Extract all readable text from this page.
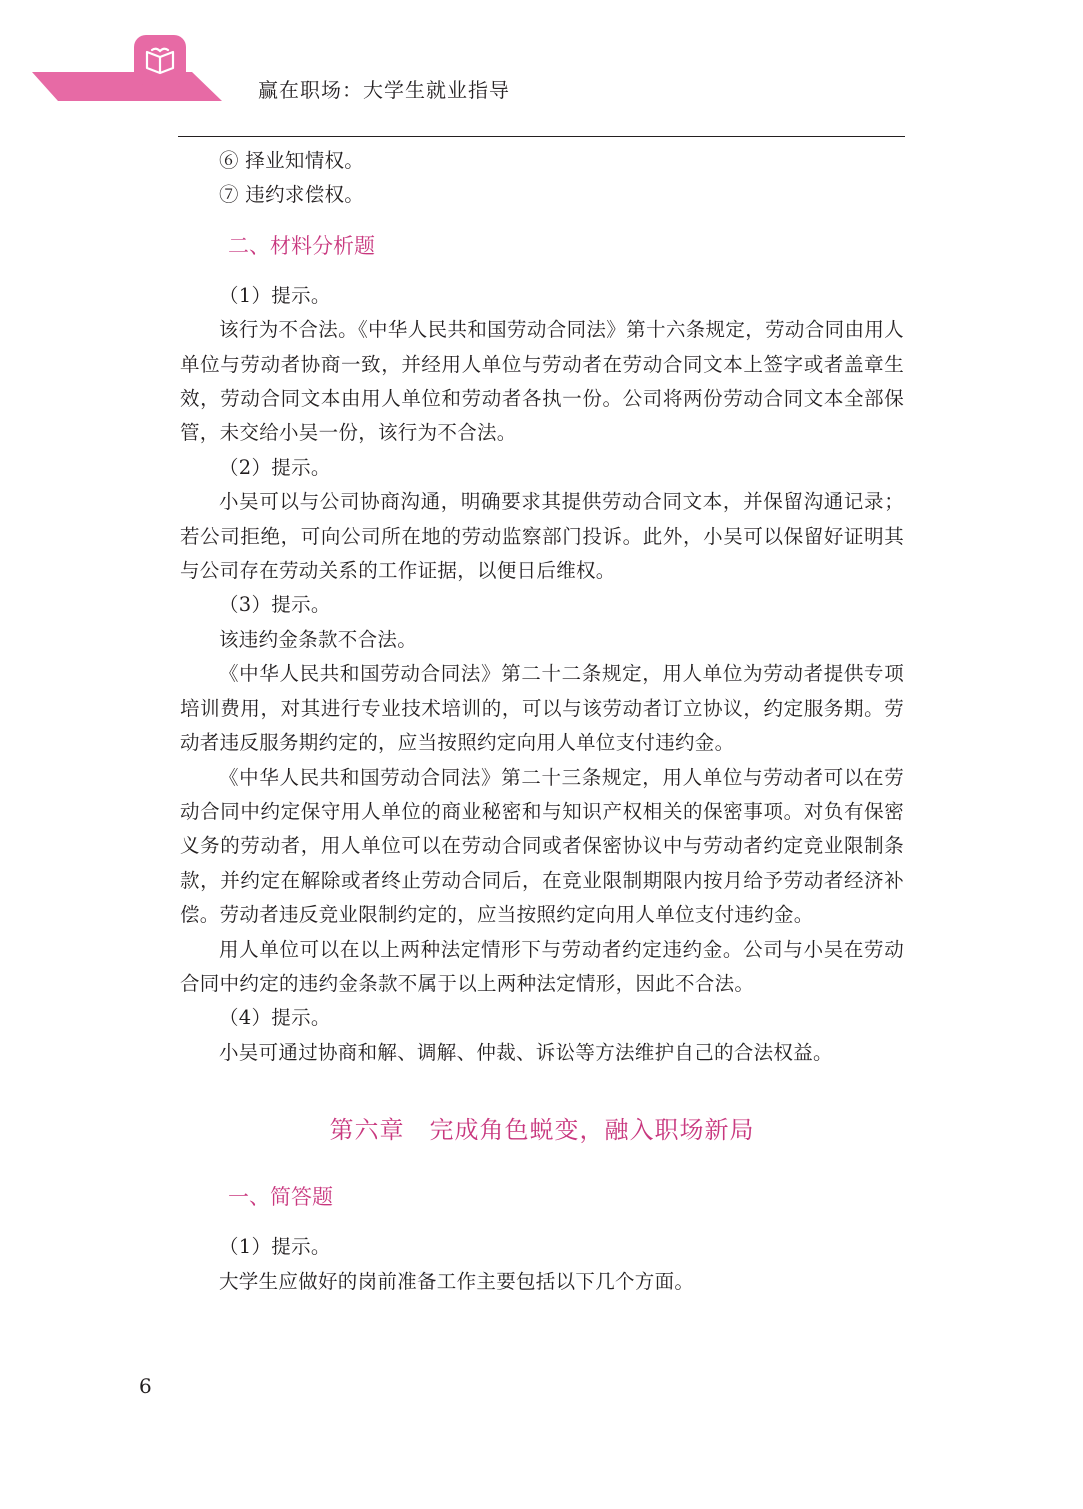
赢在职场：大学生就业指导

⑥ 择业知情权。

⑦ 违约求偿权。

二、材料分析题

（1）提示。

该行为不合法。《中华人民共和国劳动合同法》第十六条规定，劳动合同由用人单位与劳动者协商一致，并经用人单位与劳动者在劳动合同文本上签字或者盖章生效，劳动合同文本由用人单位和劳动者各执一份。公司将两份劳动合同文本全部保管，未交给小吴一份，该行为不合法。

（2）提示。

小吴可以与公司协商沟通，明确要求其提供劳动合同文本，并保留沟通记录；若公司拒绝，可向公司所在地的劳动监察部门投诉。此外，小吴可以保留好证明其与公司存在劳动关系的工作证据，以便日后维权。

（3）提示。

该违约金条款不合法。

《中华人民共和国劳动合同法》第二十二条规定，用人单位为劳动者提供专项培训费用，对其进行专业技术培训的，可以与该劳动者订立协议，约定服务期。劳动者违反服务期约定的，应当按照约定向用人单位支付违约金。

《中华人民共和国劳动合同法》第二十三条规定，用人单位与劳动者可以在劳动合同中约定保守用人单位的商业秘密和与知识产权相关的保密事项。对负有保密义务的劳动者，用人单位可以在劳动合同或者保密协议中与劳动者约定竞业限制条款，并约定在解除或者终止劳动合同后，在竞业限制期限内按月给予劳动者经济补偿。劳动者违反竞业限制约定的，应当按照约定向用人单位支付违约金。

用人单位可以在以上两种法定情形下与劳动者约定违约金。公司与小吴在劳动合同中约定的违约金条款不属于以上两种法定情形，因此不合法。

（4）提示。

小吴可通过协商和解、调解、仲裁、诉讼等方法维护自己的合法权益。

第六章　完成角色蜕变，融入职场新局
一、简答题

（1）提示。

大学生应做好的岗前准备工作主要包括以下几个方面。

6
